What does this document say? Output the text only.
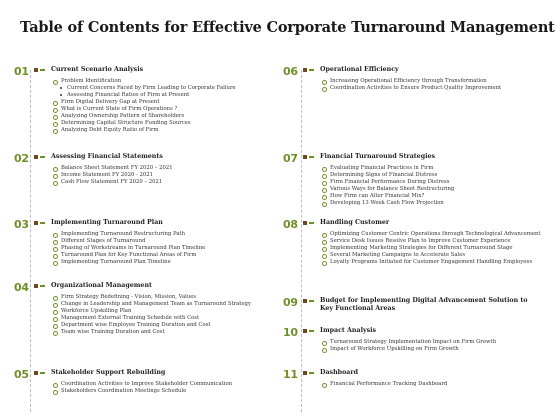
Table of Contents for Effective Corporate Turnaround Management
01	Current Scenario Analysis
Problem Identification
Current Concerns Faced by Firm Leading to Corporate Failure
Assessing Financial Ratios of Firm at Present
Firm Digital Delivery Gap at Present
What is Current State of Firm Operations ?
Analyzing Ownership Pattern of Shareholders
Determining Capital Structure Funding Sources
Analyzing Debt Equity Ratio of Firm
02	Assessing Financial Statements
Balance Sheet Statement FY 2020 – 2021
Income Statement FY 2020 - 2021
Cash Flow Statement FY 2020 – 2021
03	Implementing Turnaround Plan
Implementing Turnaround Restructuring Path
Different Stages of Turnaround
Phasing of Workstreams in Turnaround Plan Timeline
Turnaround Plan for Key Functional Areas of Firm
Implementing Turnaround Plan Timeline
04	Organizational Management
Firm Strategy Redefining - Vision, Mission, Values
Change in Leadership and Management Team as Turnaround Strategy
Workforce Upskilling Plan
Management External Training Schedule with Cost
Department wise Employee Training Duration and Cost
Team wise Training Duration and Cost
05	Stakeholder Support Rebuilding
Coordination Activities to Improve Stakeholder Communication
Stakeholders Coordination Meetings Schedule
06	Operational Efficiency
Increasing Operational Efficiency through Transformation
Coordination Activities to Ensure Product Quality Improvement
07	Financial Turnaround Strategies
Evaluating Financial Practices in Firm
Determining Signs of Financial Distress
Firm Financial Performance During Distress
Various Ways for Balance Sheet Restructuring
How Firm can Alter Financial Mix?
Developing 13 Week Cash Flow Projection
08	Handling Customer
Optimizing Customer Centric Operations through Technological Advancement
Service Desk Issues Resolve Plan to Improve Customer Experience
Implementing Marketing Strategies for Different Turnaround Stage
Several Marketing Campaigns to Accelerate Sales
Loyalty Programs Initiated for Customer Engagement Handling Employees
09	Budget for Implementing Digital Advancement Solution to Key Functional Areas
10	Impact Analysis
Turnaround Strategy Implementation Impact on Firm Growth
Impact of Workforce Upskilling on Firm Growth
11	Dashboard
Financial Performance Tracking Dashboard
